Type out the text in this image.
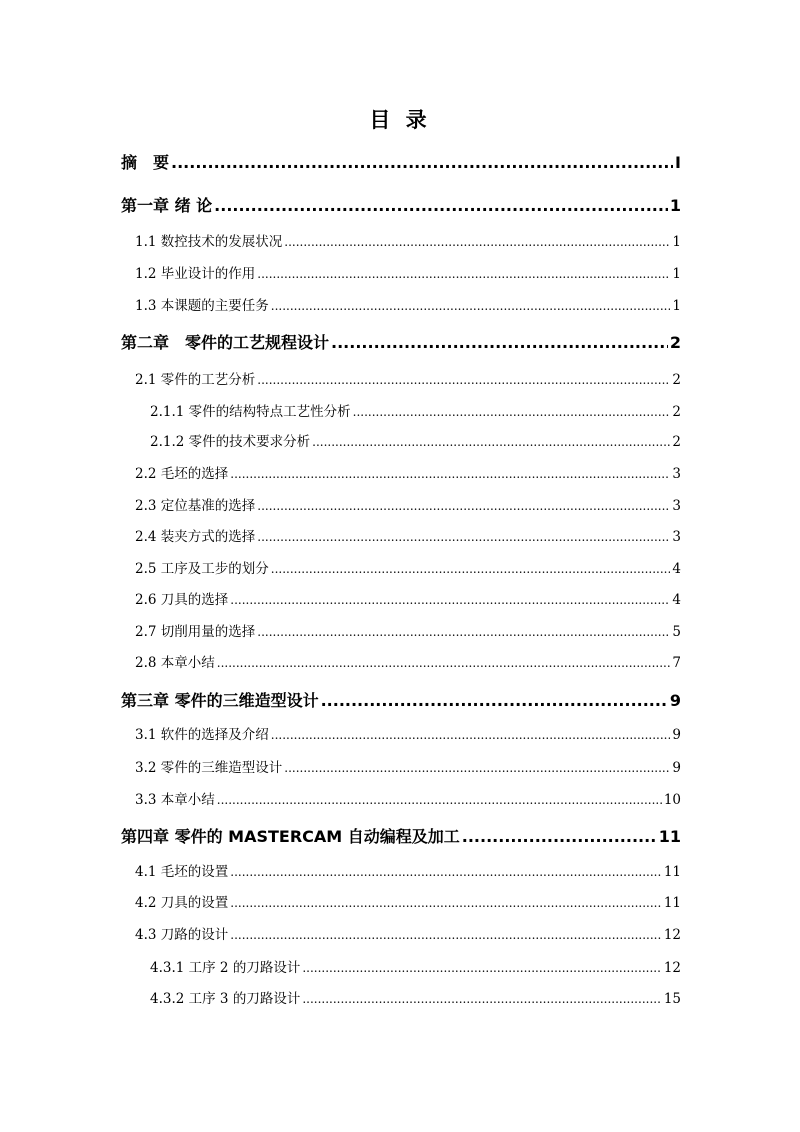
目 录
摘　要 .....	I
第一章 绪 论 .....	1
1.1 数控技术的发展状况 .....	1
1.2 毕业设计的作用 .....	1
1.3 本课题的主要任务 .....	1
第二章　零件的工艺规程设计 .....	2
2.1 零件的工艺分析 .....	2
2.1.1 零件的结构特点工艺性分析 .....	2
2.1.2 零件的技术要求分析 .....	2
2.2 毛坯的选择 .....	3
2.3 定位基准的选择 .....	3
2.4 装夹方式的选择 .....	3
2.5 工序及工步的划分 .....	4
2.6 刀具的选择 .....	4
2.7 切削用量的选择 .....	5
2.8 本章小结 .....	7
第三章 零件的三维造型设计 .....	9
3.1 软件的选择及介绍 .....	9
3.2 零件的三维造型设计 .....	9
3.3 本章小结 .....	10
第四章 零件的 MASTERCAM 自动编程及加工 .....	11
4.1 毛坯的设置 .....	11
4.2 刀具的设置 .....	11
4.3 刀路的设计 .....	12
4.3.1 工序 2 的刀路设计 .....	12
4.3.2 工序 3 的刀路设计 .....	15
